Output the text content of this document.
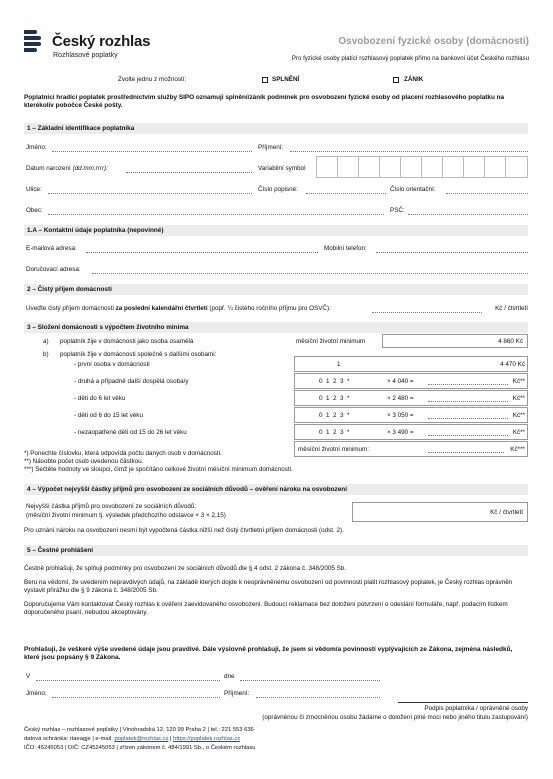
Český rozhlas
Rozhlasové poplatky
Osvobození fyzické osoby (domácnosti)
Pro fyzické osoby platící rozhlasový poplatek přímo na bankovní účet Českého rozhlasu
Zvolte jednu z možností:	SPLNĚNÍ	ZÁNIK
Poplatníci hradící poplatek prostřednictvím služby SIPO oznamují splnění/zánik podmínek pro osvobození fyzické osoby od placení rozhlasového poplatku na kterékoliv pobočce České pošty.
1 – Základní identifikace poplatníka
Jméno:	Příjmení:
Datum narození (dd.mm.rrrr):	Variabilní symbol
Ulice:	Číslo popisné:	Číslo orientační:
Obec:	PSČ:
1.A – Kontaktní údaje poplatníka (nepovinné)
E-mailová adresa:	Mobilní telefon:
Doručovací adresa:
2 – Čistý příjem domácnosti
Uveďte čistý příjem domácnosti za poslední kalendářní čtvrtletí (popř. ¼ čistého ročního příjmu pro OSVČ):	Kč / čtvrtletí
3 – Složení domácnosti s výpočtem životního minima
a) poplatník žije v domácnosti jako osoba osamělá	měsíční životní minimum	4 860 Kč
b) poplatník žije v domácnosti společně s dalšími osobami:
- první osoba v domácnosti	1	4 470 Kč
- druhá a případně další dospělá osoba/y	0  1  2  3  *	× 4 040 =	Kč**
- děti do 6 let věku	0  1  2  3  *	× 2 480 =	Kč**
- děti od 6 do 15 let věku	0  1  2  3  *	× 3 050 =	Kč**
- nezaopatřené děti od 15 do 26 let věku	0  1  2  3  *	× 3 490 =	Kč**
měsíční životní minimum:	Kč***
*) Ponechte číslovku, která odpovídá počtu daných osob v domácnosti.
**) Násobte počet osob uvedenou částkou.
***) Sečtěte hodnoty ve sloupci, čímž je spočítáno celkové životní měsíční minimum domácnosti.
4 – Výpočet nejvyšší částky příjmů pro osvobození ze sociálních důvodů – ověření nároku na osvobození
Nejvyšší částka příjmů pro osvobození ze sociálních důvodů:
(měsíční životní minimum tj. výsledek předchozího odstavce × 3 × 2,15)	Kč / čtvrtletí
Pro uznání nároku na osvobození nesmí být vypočtená částka nižší než čistý čtvrtletní příjem domácnosti (odst. 2).
5 – Čestné prohlášení
Čestně prohlašuji, že splňuji podmínky pro osvobození ze sociálních důvodů dle § 4 odst. 2 zákona č. 348/2005 Sb.
Beru na vědomí, že uvedením nepravdivých údajů, na základě kterých dojde k neoprávněnému osvobození od povinnosti platit rozhlasový poplatek, je Český rozhlas oprávněn vystavit přirážku dle § 9 zákona č. 348/2005 Sb.
Doporučujeme Vám kontaktovat Český rozhlas k ověření zaevidovaného osvobození. Budoucí reklamace bez doložení potvrzení o odeslání formuláře, např. podacím lístkem doporučeného psaní, nebudou akceptovány.
Prohlašuji, že veškeré výše uvedené údaje jsou pravdivé. Dále výslovně prohlašuji, že jsem si vědom/a povinností vyplývajících ze Zákona, zejména následků, které jsou popsány § 9 Zákona.
V	dne
Jméno:	Příjmení:
Podpis poplatníka / oprávněné osoby
(oprávněnou či zmocněnou osobu žádáme o doložení plné moci nebo jiného titulu zastupování)
Český rozhlas – rozhlasové poplatky | Vinohradská 12, 120 99 Praha 2 | tel.: 221 553 636
datová schránka: rtaeagje | e-mail: poplatek@rozhlas.cz | https://poplatek.rozhlas.cz
IČO: 45245053 | DIČ: CZ45245053 | zřízen zákonem č. 484/1991 Sb., o Českém rozhlasu
